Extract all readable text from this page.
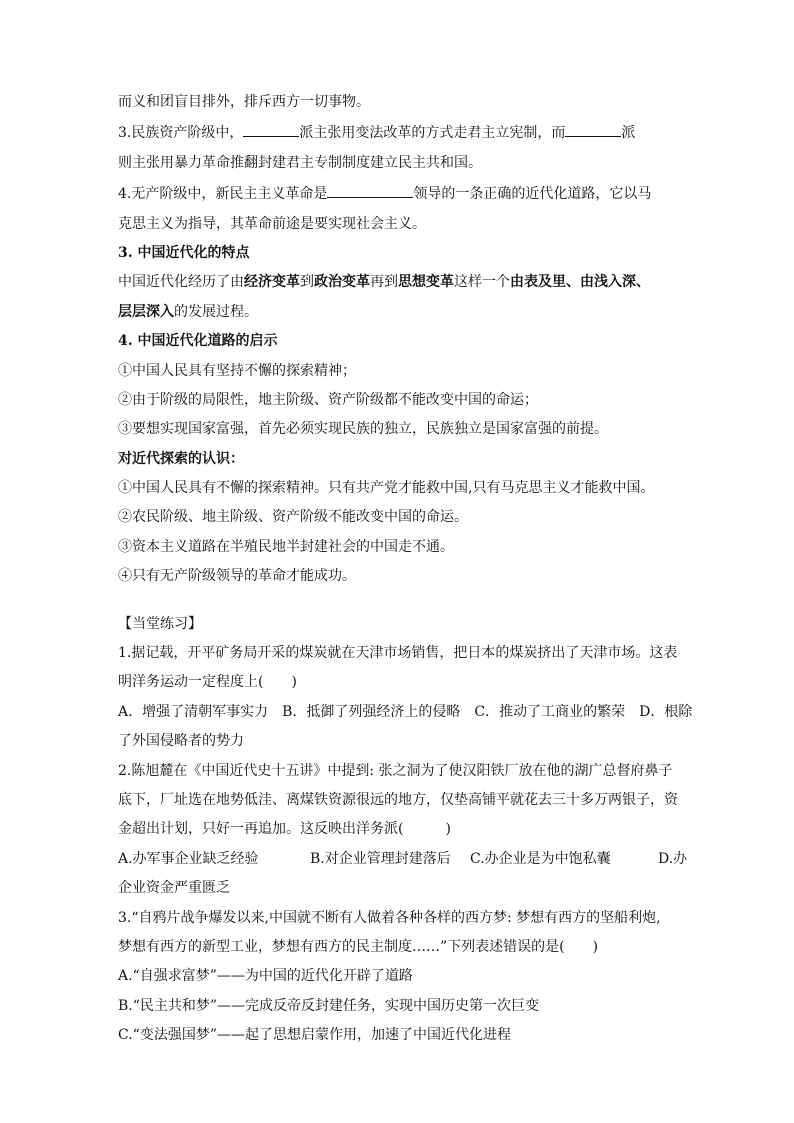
而义和团盲目排外，排斥西方一切事物。
3.民族资产阶级中，	派主张用变法改革的方式走君主立宪制，而	派
则主张用暴力革命推翻封建君主专制制度建立民主共和国。
4.无产阶级中，新民主主义革命是	领导的一条正确的近代化道路，它以马
克思主义为指导，其革命前途是要实现社会主义。
3. 中国近代化的特点
中国近代化经历了由经济变革到政治变革再到思想变革这样一个由表及里、由浅入深、
层层深入的发展过程。
4. 中国近代化道路的启示
①中国人民具有坚持不懈的探索精神；
②由于阶级的局限性，地主阶级、资产阶级都不能改变中国的命运；
③要想实现国家富强，首先必须实现民族的独立，民族独立是国家富强的前提。
对近代探索的认识：
①中国人民具有不懈的探索精神。只有共产党才能救中国,只有马克思主义才能救中国。
②农民阶级、地主阶级、资产阶级不能改变中国的命运。
③资本主义道路在半殖民地半封建社会的中国走不通。
④只有无产阶级领导的革命才能成功。
【当堂练习】
1.据记载，开平矿务局开采的煤炭就在天津市场销售，把日本的煤炭挤出了天津市场。这表
明洋务运动一定程度上(　　)
A．增强了清朝军事实力　B．抵御了列强经济上的侵略　C．推动了工商业的繁荣　D．根除
了外国侵略者的势力
2.陈旭麓在《中国近代史十五讲》中提到: 张之洞为了使汉阳铁厂放在他的湖广总督府鼻子
底下，厂址选在地势低洼、离煤铁资源很远的地方，仅垫高铺平就花去三十多万两银子，资
金超出计划，只好一再追加。这反映出洋务派(　　　)
A.办军事企业缺乏经验	B.对企业管理封建落后 C.办企业是为中饱私囊	D.办
企业资金严重匮乏
3.“自鸦片战争爆发以来,中国就不断有人做着各种各样的西方梦: 梦想有西方的坚船利炮,
梦想有西方的新型工业，梦想有西方的民主制度……”下列表述错误的是(　　)
A.“自强求富梦”——为中国的近代化开辟了道路
B.“民主共和梦”——完成反帝反封建任务，实现中国历史第一次巨变
C.“变法强国梦”——起了思想启蒙作用，加速了中国近代化进程
